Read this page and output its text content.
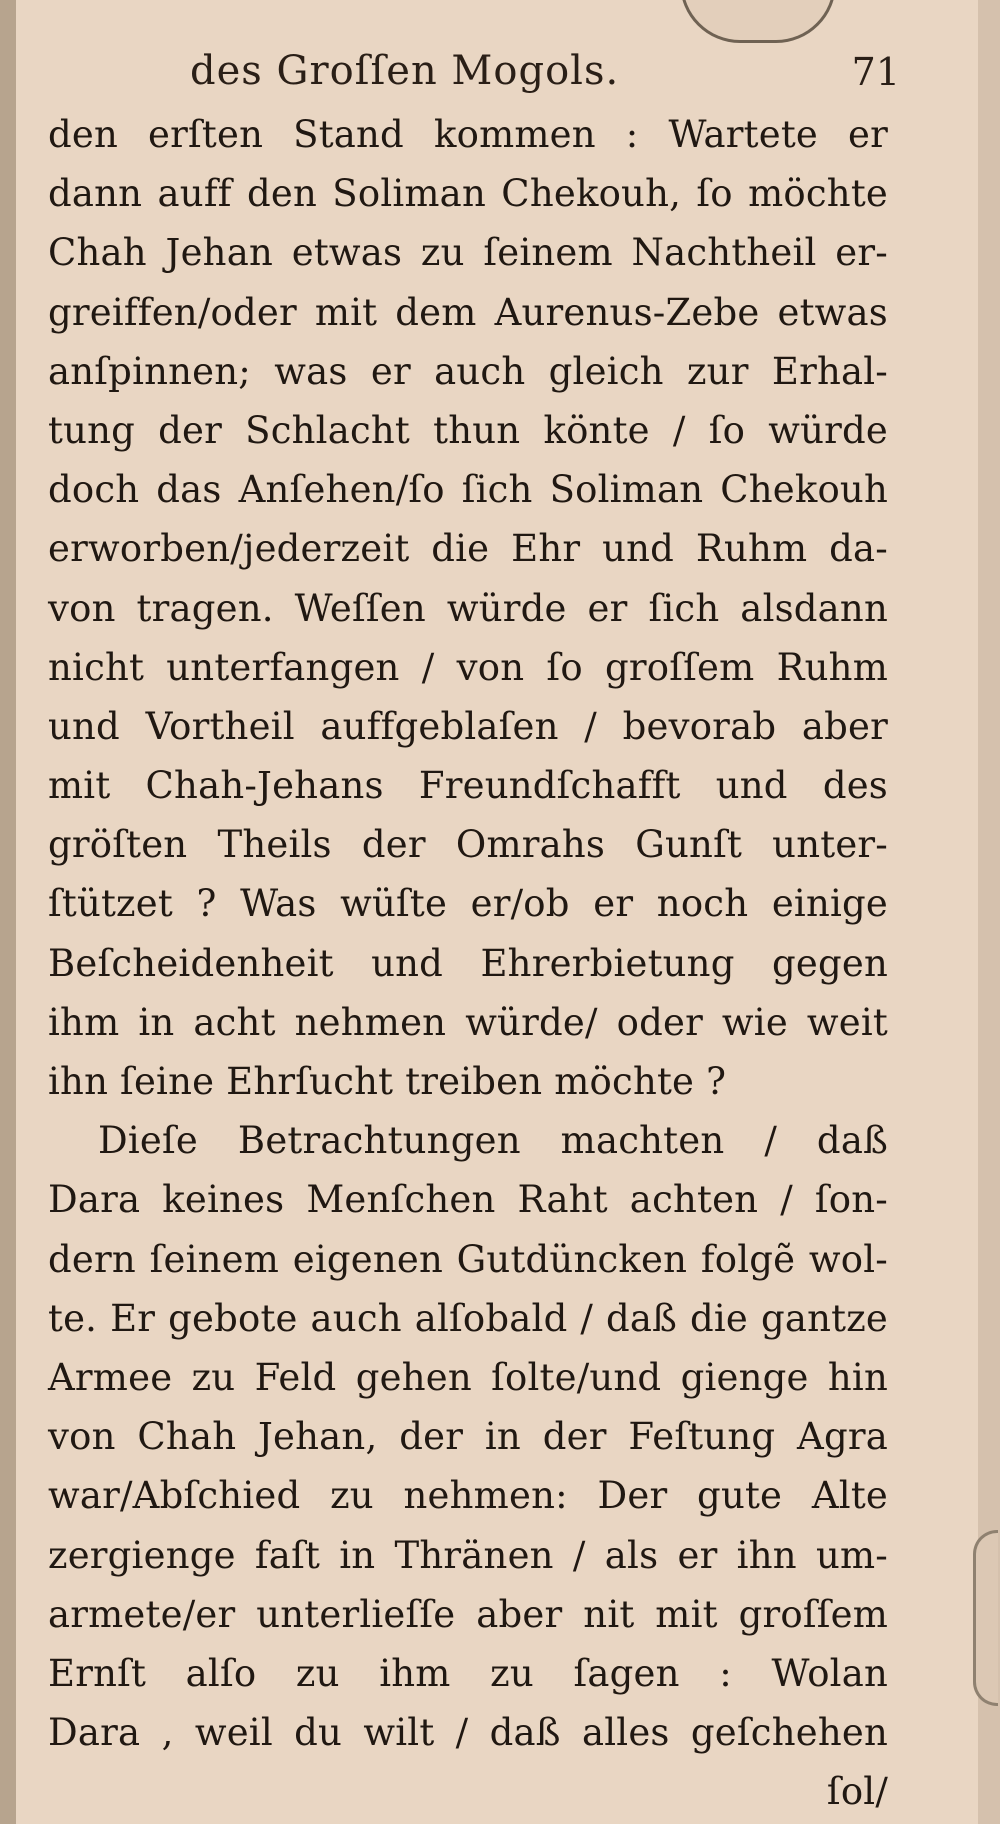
des Groſſen Mogols.	71
den erſten Stand kommen : Wartete er
dann auff den Soliman Chekouh, ſo möchte
Chah Jehan etwas zu ſeinem Nachtheil er-
greiffen/oder mit dem Aurenus-Zebe etwas
anſpinnen; was er auch gleich zur Erhal-
tung der Schlacht thun könte / ſo würde
doch das Anſehen/ſo ſich Soliman Chekouh
erworben/jederzeit die Ehr und Ruhm da-
von tragen. Weſſen würde er ſich alsdann
nicht unterfangen / von ſo groſſem Ruhm
und Vortheil auffgeblaſen / bevorab aber
mit Chah-Jehans Freundſchafft und des
gröſten Theils der Omrahs Gunſt unter-
ſtützet ? Was wüſte er/ob er noch einige
Beſcheidenheit und Ehrerbietung gegen
ihm in acht nehmen würde/ oder wie weit
ihn ſeine Ehrſucht treiben möchte ?
Dieſe Betrachtungen machten / daß
Dara keines Menſchen Raht achten / ſon-
dern ſeinem eigenen Gutdüncken folgẽ wol-
te. Er gebote auch alſobald / daß die gantze
Armee zu Feld gehen ſolte/und gienge hin
von Chah Jehan, der in der Feſtung Agra
war/Abſchied zu nehmen: Der gute Alte
zergienge faſt in Thränen / als er ihn um-
armete/er unterlieſſe aber nit mit groſſem
Ernſt alſo zu ihm zu ſagen : Wolan
Dara , weil du wilt / daß alles geſchehen
ſol/
